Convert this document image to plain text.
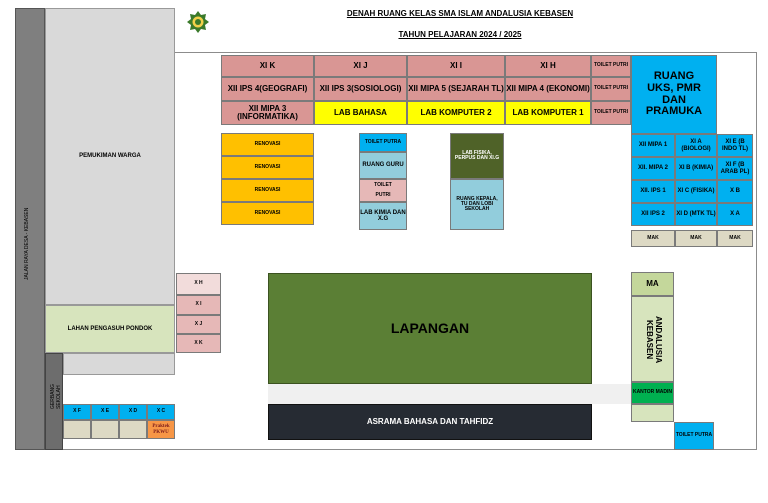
DENAH RUANG KELAS SMA ISLAM ANDALUSIA KEBASEN
TAHUN PELAJARAN 2024 / 2025
JALAN RAYA DESA - KEBASEN
PEMUKIMAN WARGA
LAHAN PENGASUH PONDOK
GERBANG SEKOLAH
XI K	XI J	XI I	XI H
XII IPS 4(GEOGRAFI)	XII IPS 3(SOSIOLOGI) XII MIPA 5 (SEJARAH TL) XII MIPA 4 (EKONOMI)
XII MIPA 3 (INFORMATIKA)	LAB BAHASA	LAB KOMPUTER 2	LAB KOMPUTER 1
TOILET PUTRI
TOILET PUTRI
TOILET PUTRI
RUANG UKS, PMR DAN PRAMUKA
RENOVASI
RENOVASI
RENOVASI
RENOVASI
TOILET PUTRA
RUANG GURU
TOILET
PUTRI
LAB KIMIA DAN X.G
LAB FISIKA, PERPUS DAN XI.G
RUANG KEPALA, TU DAN LOBI SEKOLAH
XII MIPA 1
XI A (BIOLOGI)
XI E (B INDO TL)
XII. MIPA 2	XI B (KIMIA)
XI F (B ARAB PL)
XII. IPS 1	XI C (FISIKA)	X B
XII IPS 2	XI D (MTK TL)	X A
MAK	MAK	MAK
X H
X I
X J
X K
LAPANGAN
ASRAMA BAHASA DAN TAHFIDZ
MA
ANDALUSIA KEBASEN
KANTOR MADIN
TOILET PUTRA
X F	X E	X D	X C
Praktek PKWU
